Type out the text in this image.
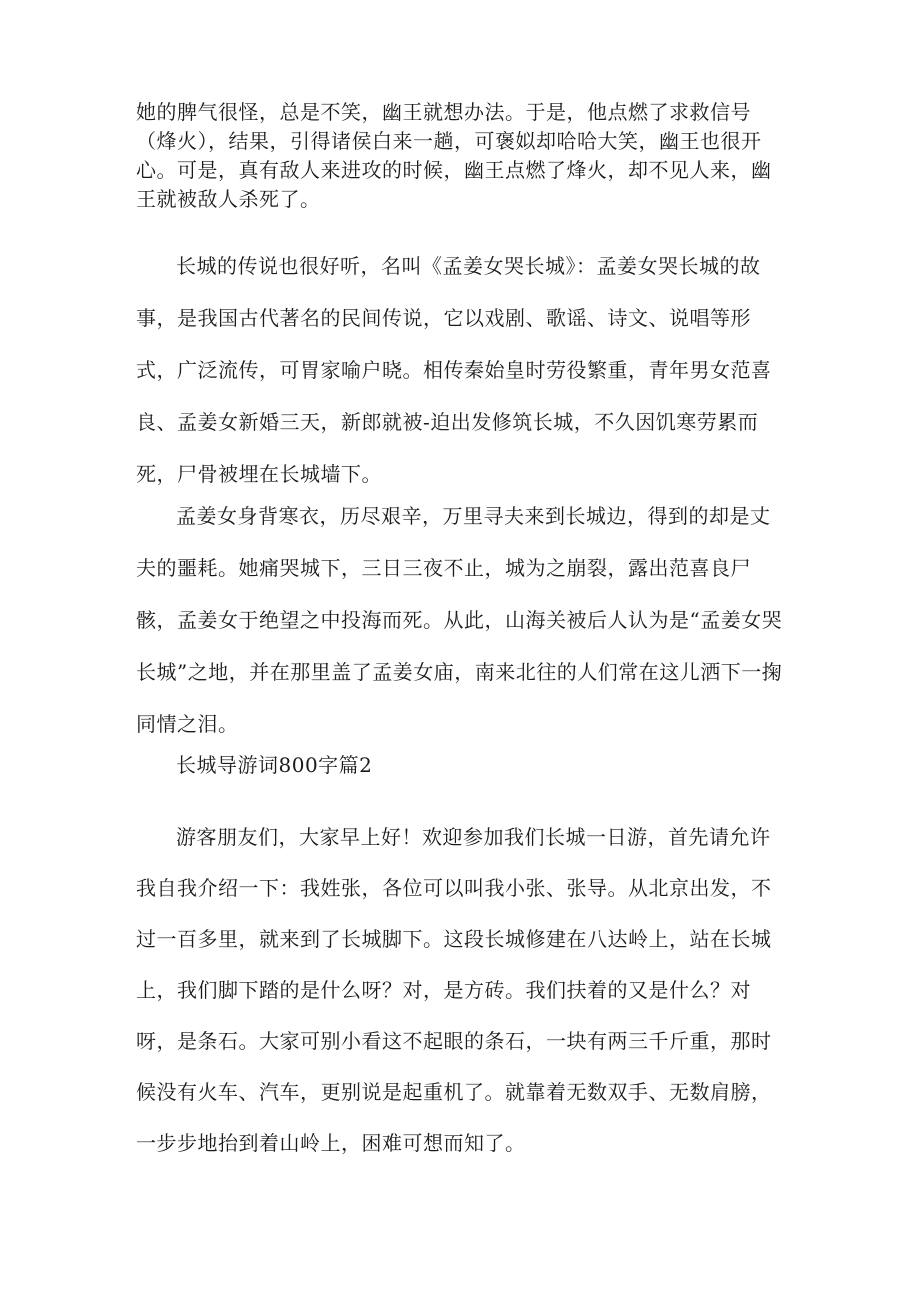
她的脾气很怪，总是不笑，幽王就想办法。于是，他点燃了求救信号（烽火），结果，引得诸侯白来一趟，可褒姒却哈哈大笑，幽王也很开心。可是，真有敌人来进攻的时候，幽王点燃了烽火，却不见人来，幽王就被敌人杀死了。

长城的传说也很好听，名叫《孟姜女哭长城》：孟姜女哭长城的故事，是我国古代著名的民间传说，它以戏剧、歌谣、诗文、说唱等形式，广泛流传，可胃家喻户晓。相传秦始皇时劳役繁重，青年男女范喜良、孟姜女新婚三天，新郎就被-迫出发修筑长城，不久因饥寒劳累而死，尸骨被埋在长城墙下。

孟姜女身背寒衣，历尽艰辛，万里寻夫来到长城边，得到的却是丈夫的噩耗。她痛哭城下，三日三夜不止，城为之崩裂，露出范喜良尸骸，孟姜女于绝望之中投海而死。从此，山海关被后人认为是“孟姜女哭长城”之地，并在那里盖了孟姜女庙，南来北往的人们常在这儿洒下一掬同情之泪。

长城导游词800字篇2

游客朋友们，大家早上好！欢迎参加我们长城一日游，首先请允许我自我介绍一下：我姓张，各位可以叫我小张、张导。从北京出发，不过一百多里，就来到了长城脚下。这段长城修建在八达岭上，站在长城上，我们脚下踏的是什么呀？对，是方砖。我们扶着的又是什么？对呀，是条石。大家可别小看这不起眼的条石，一块有两三千斤重，那时候没有火车、汽车，更别说是起重机了。就靠着无数双手、无数肩膀，一步步地抬到着山岭上，困难可想而知了。
